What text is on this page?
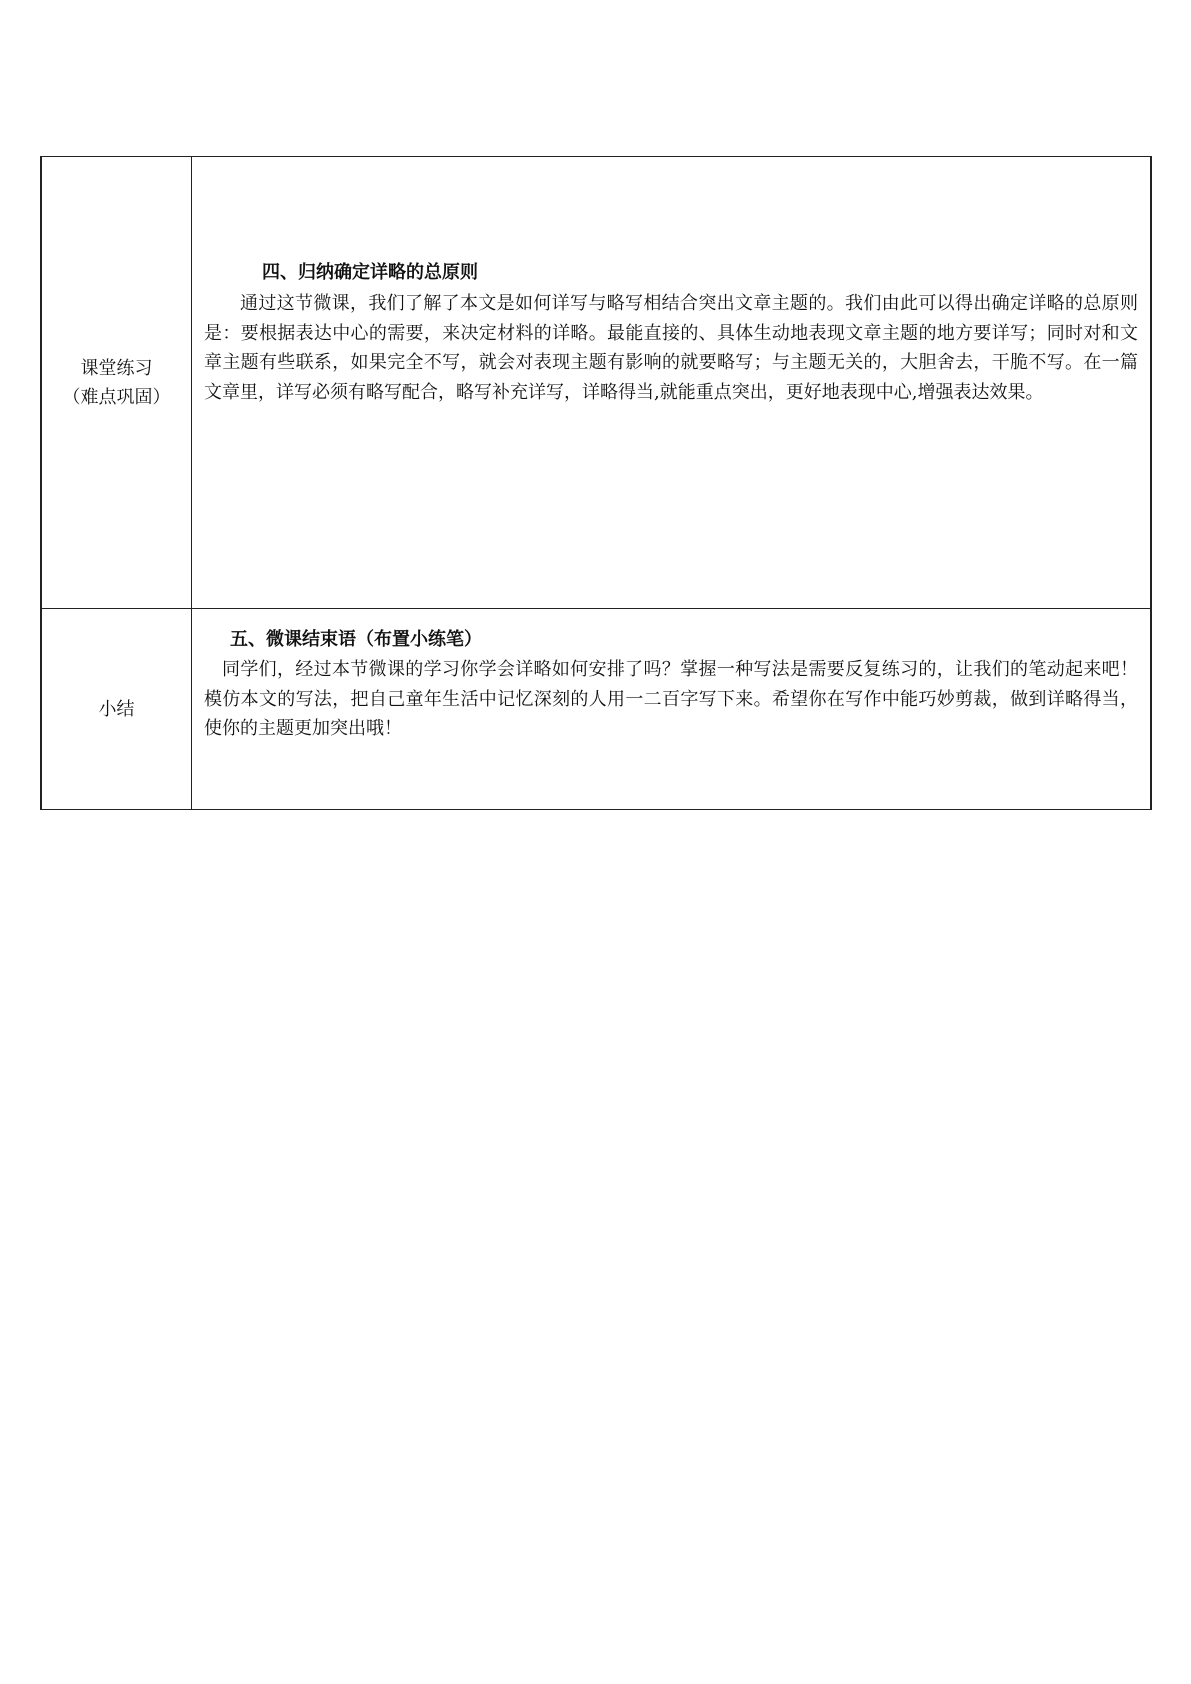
课堂练习
（难点巩固）
四、归纳确定详略的总原则

通过这节微课，我们了解了本文是如何详写与略写相结合突出文章主题的。我们由此可以得出确定详略的总原则是：要根据表达中心的需要，来决定材料的详略。最能直接的、具体生动地表现文章主题的地方要详写；同时对和文章主题有些联系，如果完全不写，就会对表现主题有影响的就要略写；与主题无关的，大胆舍去，干脆不写。在一篇文章里，详写必须有略写配合，略写补充详写，详略得当,就能重点突出，更好地表现中心,增强表达效果。

小结
五、微课结束语（布置小练笔）

同学们，经过本节微课的学习你学会详略如何安排了吗？掌握一种写法是需要反复练习的，让我们的笔动起来吧！模仿本文的写法，把自己童年生活中记忆深刻的人用一二百字写下来。希望你在写作中能巧妙剪裁，做到详略得当，使你的主题更加突出哦！
